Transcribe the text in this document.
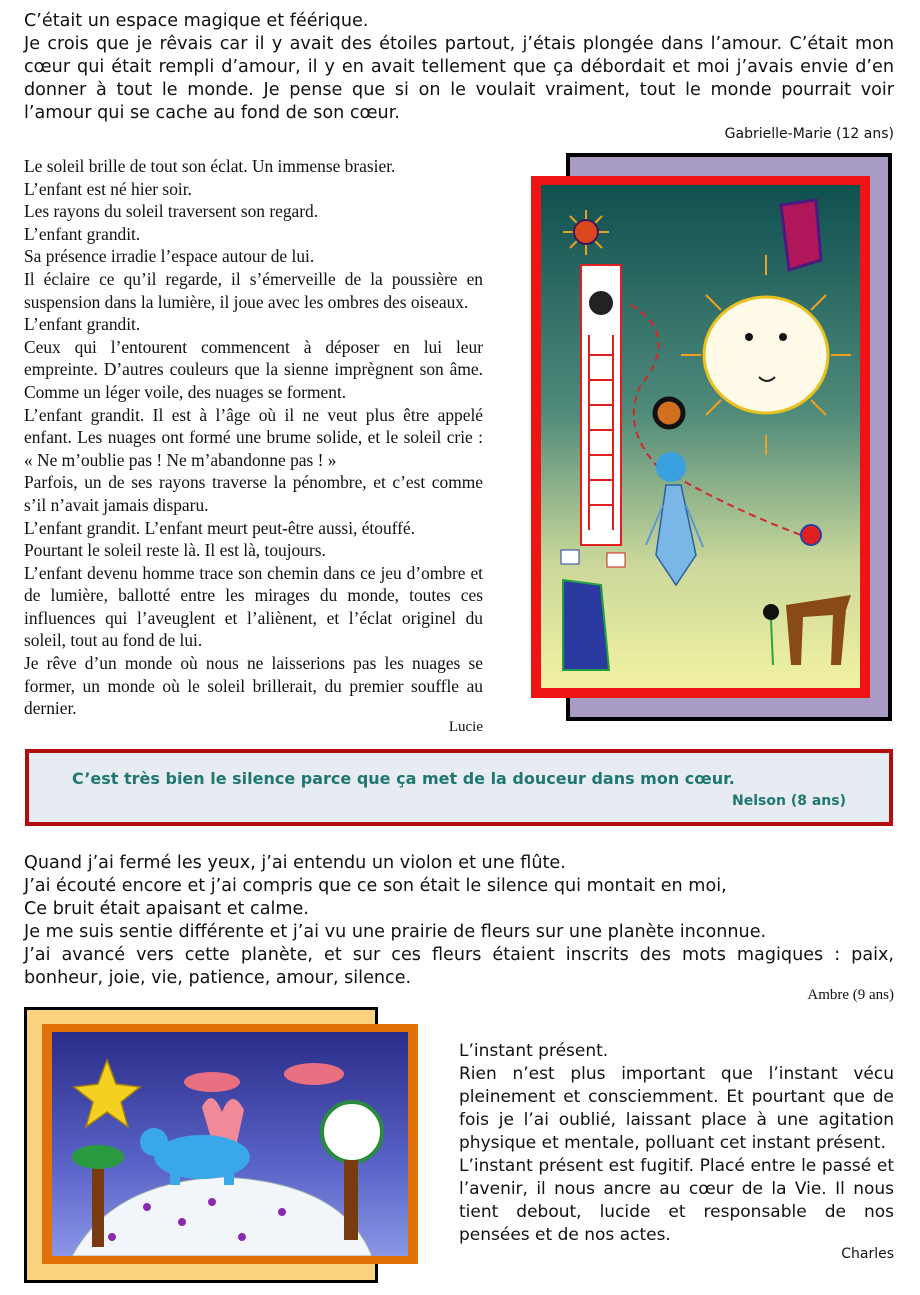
C’était un espace magique et féérique.

Je crois que je rêvais car il y avait des étoiles partout, j’étais plongée dans l’amour. C’était mon cœur qui était rempli d’amour, il y en avait tellement que ça débordait et moi j’avais envie d’en donner à tout le monde. Je pense que si on le voulait vraiment, tout le monde pourrait voir l’amour qui se cache au fond de son cœur.

Gabrielle-Marie (12 ans)

Le soleil brille de tout son éclat. Un immense brasier.

L’enfant est né hier soir.

Les rayons du soleil traversent son regard.

L’enfant grandit.

Sa présence irradie l’espace autour de lui.

Il éclaire ce qu’il regarde, il s’émerveille de la poussière en suspension dans la lumière, il joue avec les ombres des oiseaux.

L’enfant grandit.

Ceux qui l’entourent commencent à déposer en lui leur empreinte. D’autres couleurs que la sienne imprègnent son âme. Comme un léger voile, des nuages se forment.

L’enfant grandit. Il est à l’âge où il ne veut plus être appelé enfant. Les nuages ont formé une brume solide, et le soleil crie : « Ne m’oublie pas ! Ne m’abandonne pas ! »

Parfois, un de ses rayons traverse la pénombre, et c’est comme s’il n’avait jamais disparu.

L’enfant grandit. L’enfant meurt peut-être aussi, étouffé.

Pourtant le soleil reste là. Il est là, toujours.

L’enfant devenu homme trace son chemin dans ce jeu d’ombre et de lumière, ballotté entre les mirages du monde, toutes ces influences qui l’aveuglent et l’aliènent, et l’éclat originel du soleil, tout au fond de lui.

Je rêve d’un monde où nous ne laisserions pas les nuages se former, un monde où le soleil brillerait, du premier souffle au dernier.

Lucie
C’est très bien le silence parce que ça met de la douceur dans mon cœur.
Nelson (8 ans)

Quand j’ai fermé les yeux, j’ai entendu un violon et une flûte.

J’ai écouté encore et j’ai compris que ce son était le silence qui montait en moi,

Ce bruit était apaisant et calme.

Je me suis sentie différente et j’ai vu une prairie de fleurs sur une planète inconnue.

J’ai avancé vers cette planète, et sur ces fleurs étaient inscrits des mots magiques : paix, bonheur, joie, vie, patience, amour, silence.

Ambre (9 ans)

L’instant présent.

Rien n’est plus important que l’instant vécu pleinement et consciemment. Et pourtant que de fois je l’ai oublié, laissant place à une agitation physique et mentale, polluant cet instant présent.

L’instant présent est fugitif. Placé entre le passé et l’avenir, il nous ancre au cœur de la Vie. Il nous tient debout, lucide et responsable de nos pensées et de nos actes.

Charles
